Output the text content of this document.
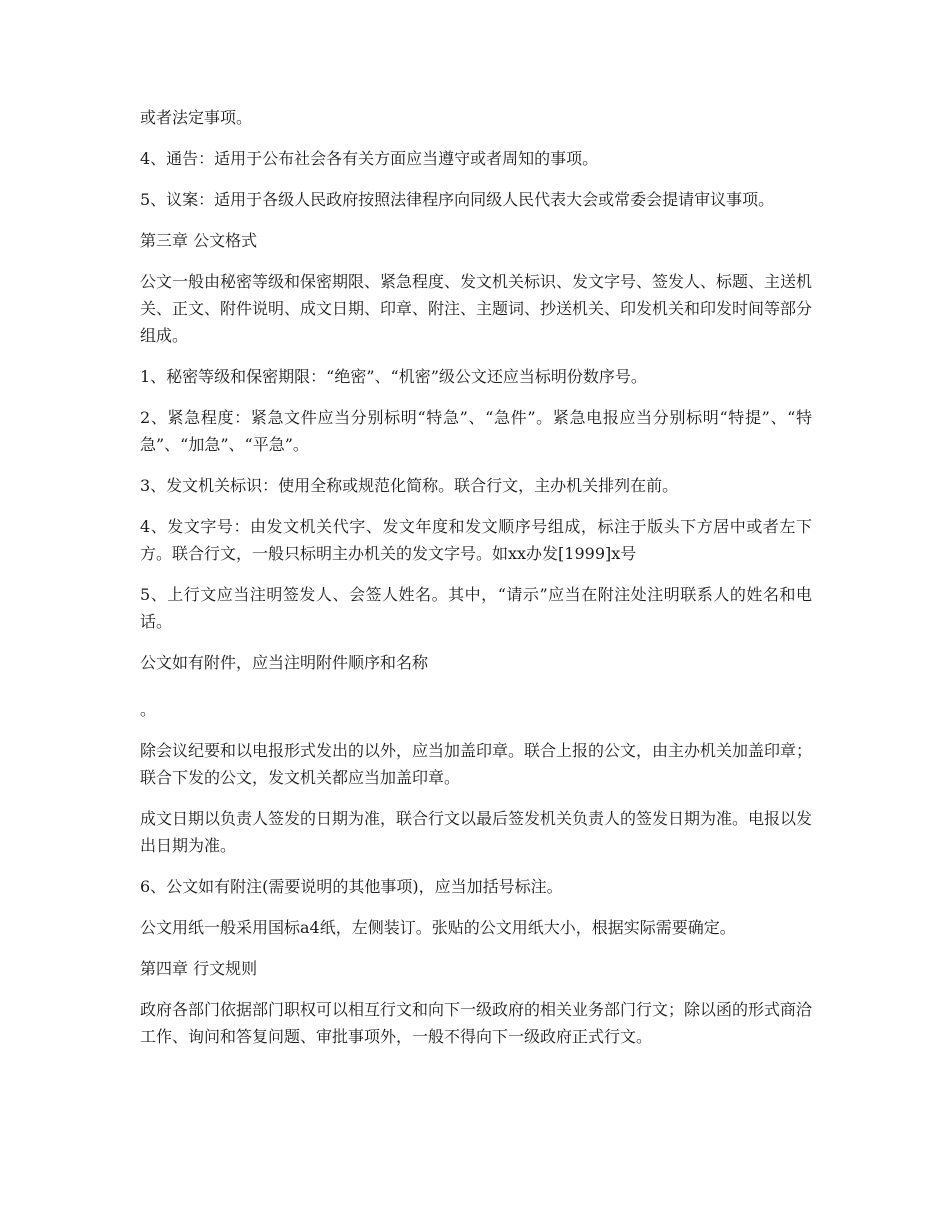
或者法定事项。

4、通告：适用于公布社会各有关方面应当遵守或者周知的事项。

5、议案：适用于各级人民政府按照法律程序向同级人民代表大会或常委会提请审议事项。

第三章 公文格式

公文一般由秘密等级和保密期限、紧急程度、发文机关标识、发文字号、签发人、标题、主送机关、正文、附件说明、成文日期、印章、附注、主题词、抄送机关、印发机关和印发时间等部分组成。

1、秘密等级和保密期限：“绝密”、“机密”级公文还应当标明份数序号。

2、紧急程度：紧急文件应当分别标明“特急”、“急件”。紧急电报应当分别标明“特提”、“特急”、“加急”、“平急”。

3、发文机关标识：使用全称或规范化简称。联合行文，主办机关排列在前。

4、发文字号：由发文机关代字、发文年度和发文顺序号组成，标注于版头下方居中或者左下方。联合行文，一般只标明主办机关的发文字号。如xx办发[1999]x号

5、上行文应当注明签发人、会签人姓名。其中，“请示”应当在附注处注明联系人的姓名和电话。

公文如有附件，应当注明附件顺序和名称

。

除会议纪要和以电报形式发出的以外，应当加盖印章。联合上报的公文，由主办机关加盖印章；联合下发的公文，发文机关都应当加盖印章。

成文日期以负责人签发的日期为准，联合行文以最后签发机关负责人的签发日期为准。电报以发出日期为准。

6、公文如有附注(需要说明的其他事项)，应当加括号标注。

公文用纸一般采用国标a4纸，左侧装订。张贴的公文用纸大小，根据实际需要确定。

第四章 行文规则

政府各部门依据部门职权可以相互行文和向下一级政府的相关业务部门行文；除以函的形式商洽工作、询问和答复问题、审批事项外，一般不得向下一级政府正式行文。
